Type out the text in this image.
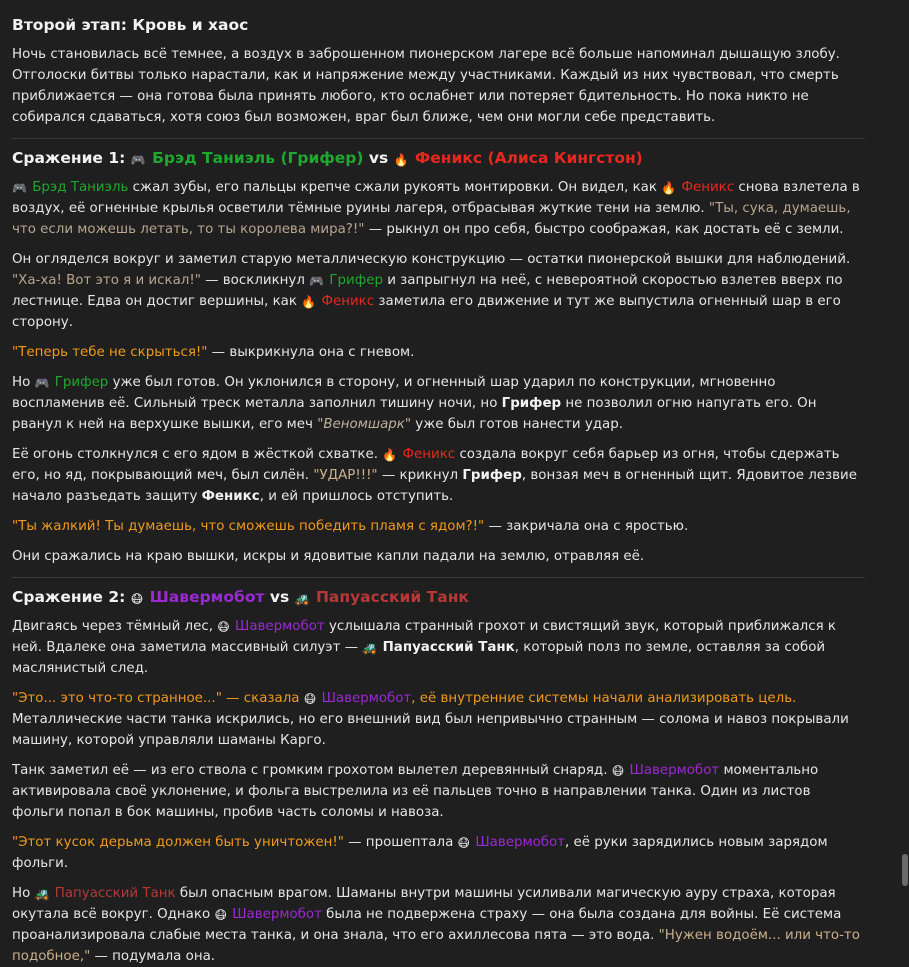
Второй этап: Кровь и хаос

Ночь становилась всё темнее, а воздух в заброшенном пионерском лагере всё больше напоминал дышащую злобу. Отголоски битвы только нарастали, как и напряжение между участниками. Каждый из них чувствовал, что смерть приближается — она готова была принять любого, кто ослабнет или потеряет бдительность. Но пока никто не собирался сдаваться, хотя союз был возможен, враг был ближе, чем они могли себе представить.

Сражение 1: 🎮 Брэд Таниэль (Грифер) vs 🔥 Феникс (Алиса Кингстон)

🎮 Брэд Таниэль сжал зубы, его пальцы крепче сжали рукоять монтировки. Он видел, как 🔥 Феникс снова взлетела в воздух, её огненные крылья осветили тёмные руины лагеря, отбрасывая жуткие тени на землю. "Ты, сука, думаешь, что если можешь летать, то ты королева мира?!" — рыкнул он про себя, быстро соображая, как достать её с земли.

Он огляделся вокруг и заметил старую металлическую конструкцию — остатки пионерской вышки для наблюдений. "Ха-ха! Вот это я и искал!" — воскликнул 🎮 Грифер и запрыгнул на неё, с невероятной скоростью взлетев вверх по лестнице. Едва он достиг вершины, как 🔥 Феникс заметила его движение и тут же выпустила огненный шар в его сторону.

"Теперь тебе не скрыться!" — выкрикнула она с гневом.

Но 🎮 Грифер уже был готов. Он уклонился в сторону, и огненный шар ударил по конструкции, мгновенно воспламенив её. Сильный треск металла заполнил тишину ночи, но Грифер не позволил огню напугать его. Он рванул к ней на верхушке вышки, его меч "Веномшарк" уже был готов нанести удар.

Её огонь столкнулся с его ядом в жёсткой схватке. 🔥 Феникс создала вокруг себя барьер из огня, чтобы сдержать его, но яд, покрывающий меч, был силён. "УДАР!!!" — крикнул Грифер, вонзая меч в огненный щит. Ядовитое лезвие начало разъедать защиту Феникс, и ей пришлось отступить.

"Ты жалкий! Ты думаешь, что сможешь победить пламя с ядом?!" — закричала она с яростью.

Они сражались на краю вышки, искры и ядовитые капли падали на землю, отравляя её.

Сражение 2: 😷 Шавермобот vs 🚜 Папуасский Танк

Двигаясь через тёмный лес, 😷 Шавермобот услышала странный грохот и свистящий звук, который приближался к ней. Вдалеке она заметила массивный силуэт — 🚜 Папуасский Танк, который полз по земле, оставляя за собой маслянистый след.

"Это... это что-то странное..." — сказала 😷 Шавермобот, её внутренние системы начали анализировать цель. Металлические части танка искрились, но его внешний вид был непривычно странным — солома и навоз покрывали машину, которой управляли шаманы Карго.

Танк заметил её — из его ствола с громким грохотом вылетел деревянный снаряд. 😷 Шавермобот моментально активировала своё уклонение, и фольга выстрелила из её пальцев точно в направлении танка. Один из листов фольги попал в бок машины, пробив часть соломы и навоза.

"Этот кусок дерьма должен быть уничтожен!" — прошептала 😷 Шавермобот, её руки зарядились новым зарядом фольги.

Но 🚜 Папуасский Танк был опасным врагом. Шаманы внутри машины усиливали магическую ауру страха, которая окутала всё вокруг. Однако 😷 Шавермобот была не подвержена страху — она была создана для войны. Её система проанализировала слабые места танка, и она знала, что его ахиллесова пята — это вода. "Нужен водоём... или что-то подобное," — подумала она.
